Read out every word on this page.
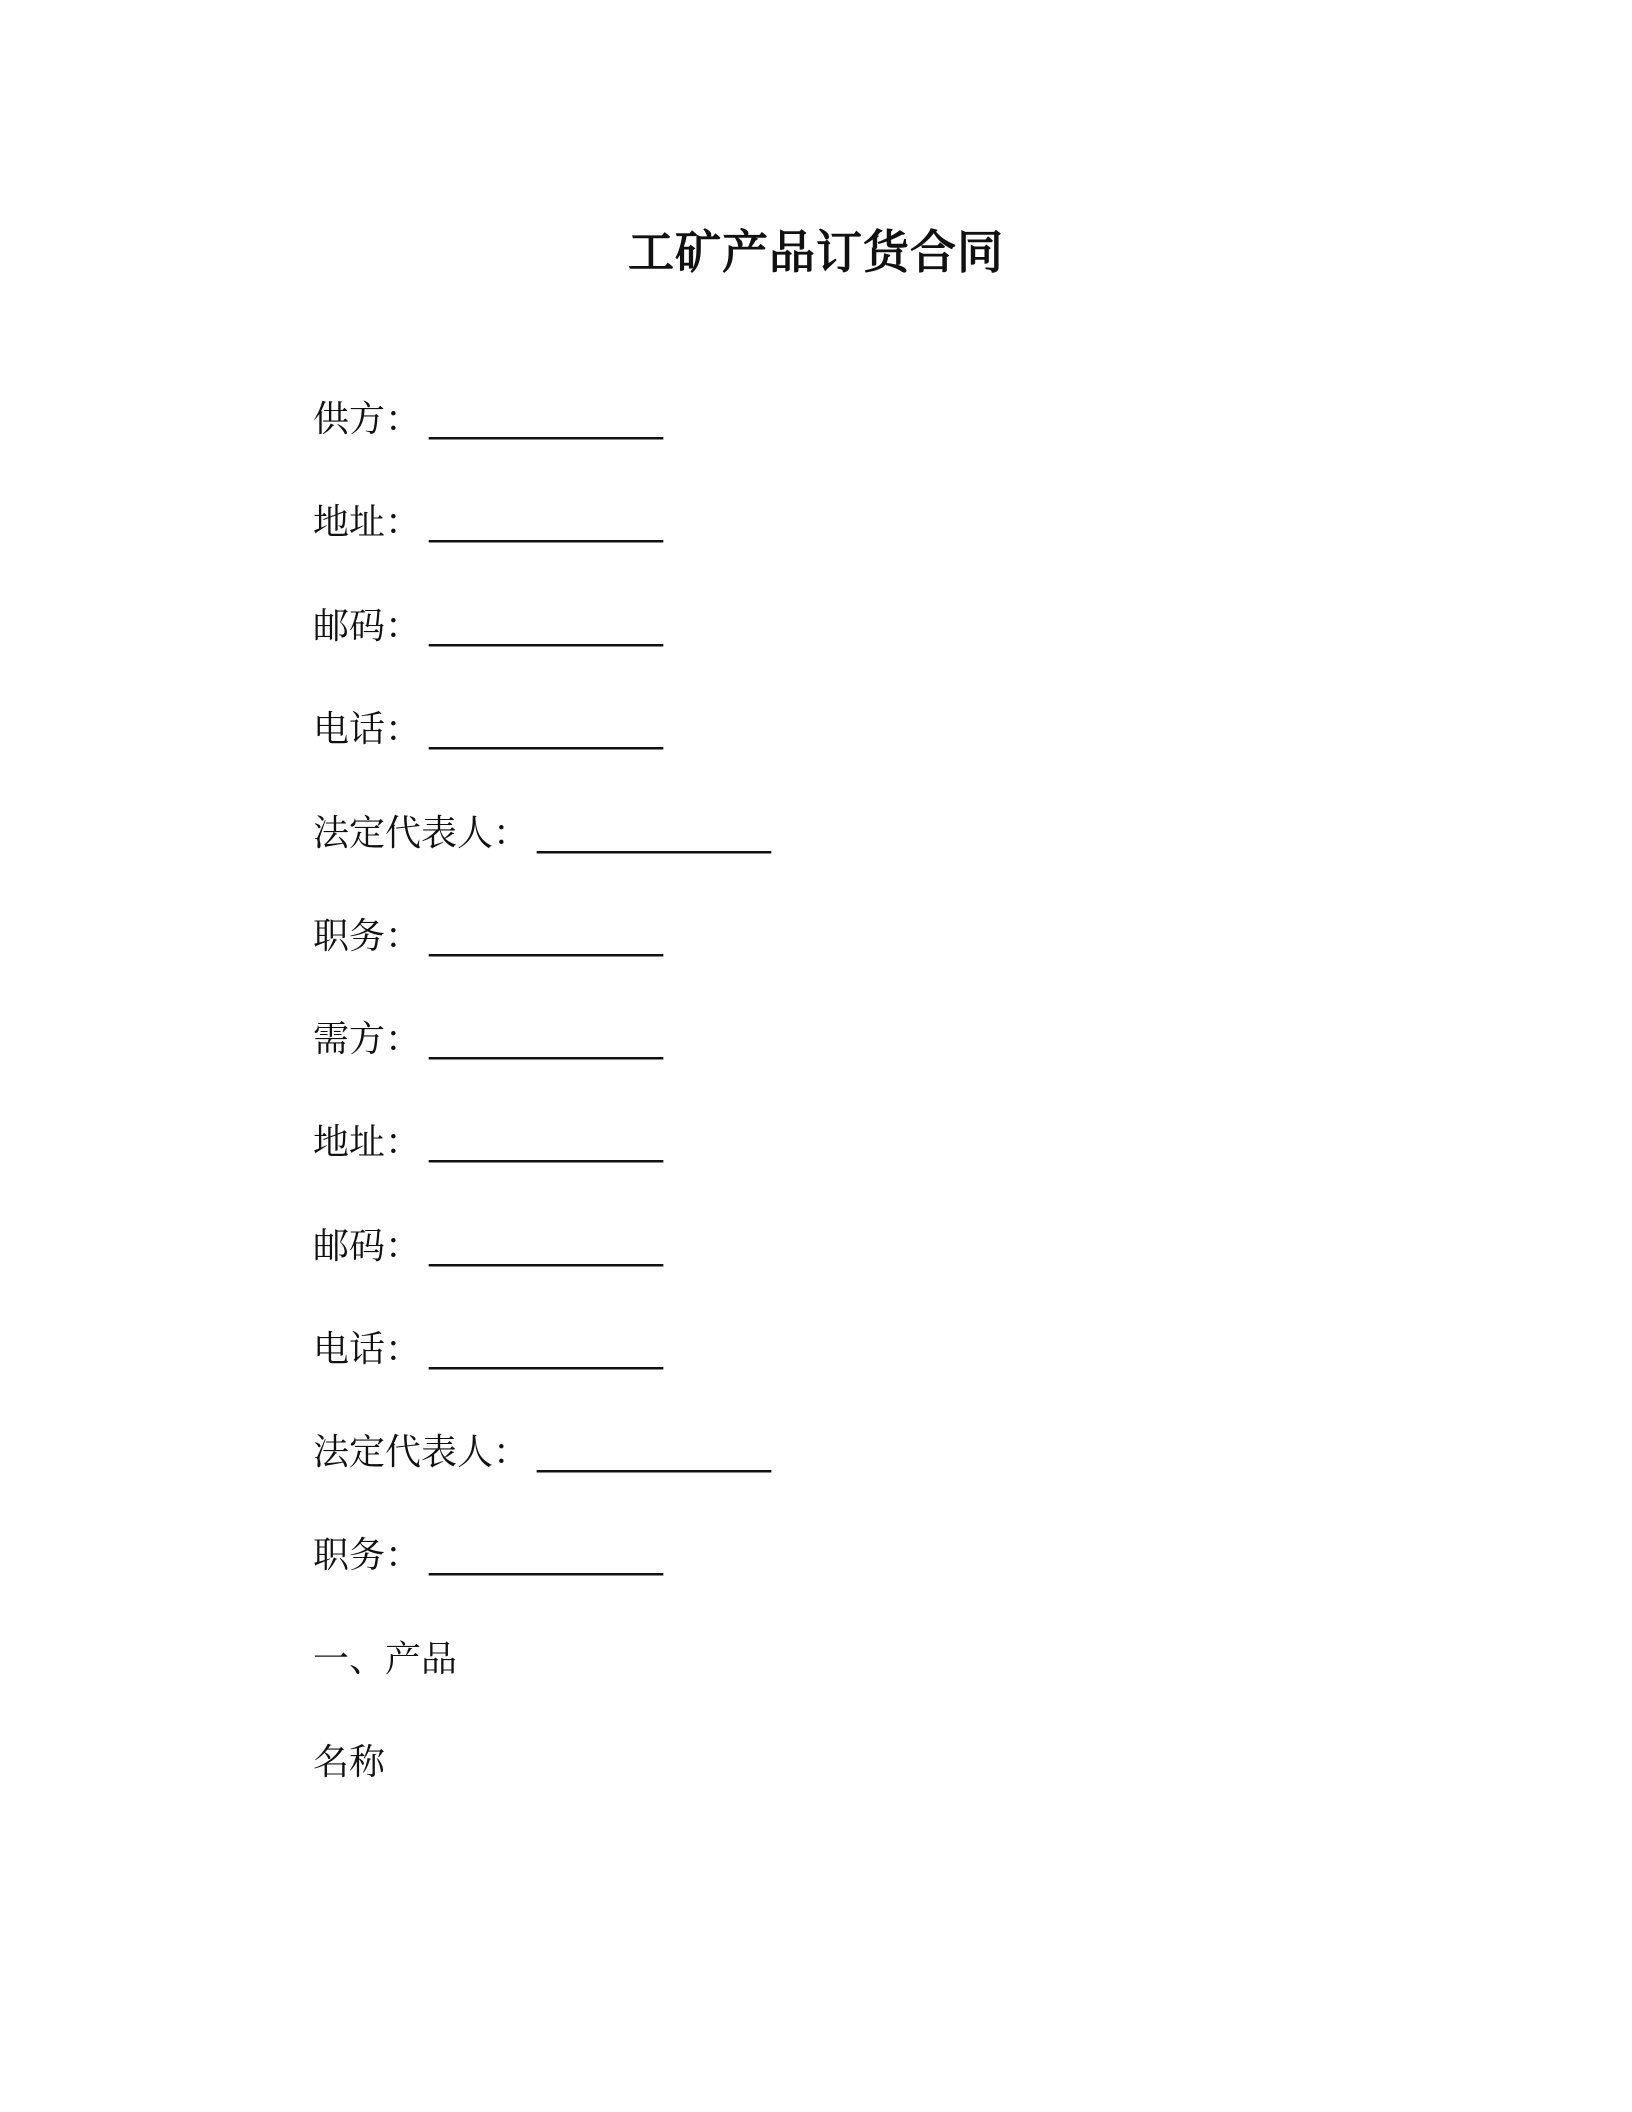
工矿产品订货合同
供方： _____________
地址： _____________
邮码： _____________
电话： _____________
法定代表人： _____________
职务： _____________
需方： _____________
地址： _____________
邮码： _____________
电话： _____________
法定代表人： _____________
职务： _____________
一、产品
名称
